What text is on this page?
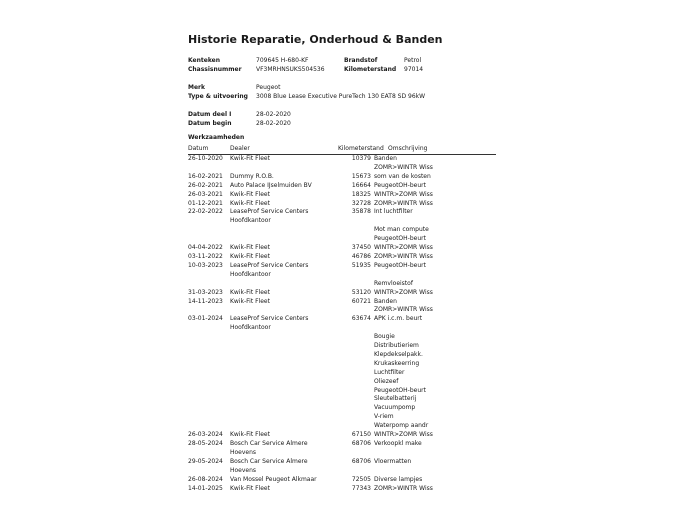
Historie Reparatie, Onderhoud & Banden
Kenteken	709645 H-680-KF
Chassisnummer VF3MRHNSUKS504536
Brandstof	Petrol
Kilometerstand 97014
Merk	Peugeot
Type & uitvoering 3008 Blue Lease Executive PureTech 130 EAT8 SD 96kW
Datum deel I	28-02-2020
Datum begin	28-02-2020
Werkzaamheden
Datum	Dealer	Kilometerstand Omschrijving
26-10-2020	Kwik-Fit Fleet	10379 Banden
ZOMR>WINTR Wiss
16-02-2021	Dummy R.O.B.	15673 som van de kosten
26-02-2021	Auto Palace IJselmuiden BV	16664 PeugeotOH-beurt
26-03-2021	Kwik-Fit Fleet	18325 WINTR>ZOMR Wiss
01-12-2021	Kwik-Fit Fleet	32728 ZOMR>WINTR Wiss
22-02-2022	LeaseProf Service Centers Hoofdkantoor
35878 Int luchtfilter

Mot man compute
PeugeotOH-beurt
04-04-2022	Kwik-Fit Fleet	37450 WINTR>ZOMR Wiss
03-11-2022	Kwik-Fit Fleet	46786 ZOMR>WINTR Wiss
10-03-2023	LeaseProf Service Centers Hoofdkantoor
51935 PeugeotOH-beurt

Remvloeistof
31-03-2023	Kwik-Fit Fleet	53120 WINTR>ZOMR Wiss
14-11-2023	Kwik-Fit Fleet	60721 Banden
ZOMR>WINTR Wiss
03-01-2024	LeaseProf Service Centers Hoofdkantoor
63674 APK i.c.m. beurt

Bougie
Distributieriem
Klepdekselpakk.
Krukaskeerring
Luchtfilter
Oliezeef
PeugeotOH-beurt
Sleutelbatterij
Vacuumpomp
V-riem
Waterpomp aandr
26-03-2024	Kwik-Fit Fleet	67150 WINTR>ZOMR Wiss
28-05-2024	Bosch Car Service Almere Hoevens
68706 Verkoopkl make
29-05-2024	Bosch Car Service Almere Hoevens
68706 Vloermatten
26-08-2024	Van Mossel Peugeot Alkmaar	72505 Diverse lampjes
14-01-2025	Kwik-Fit Fleet	77343 ZOMR>WINTR Wiss
